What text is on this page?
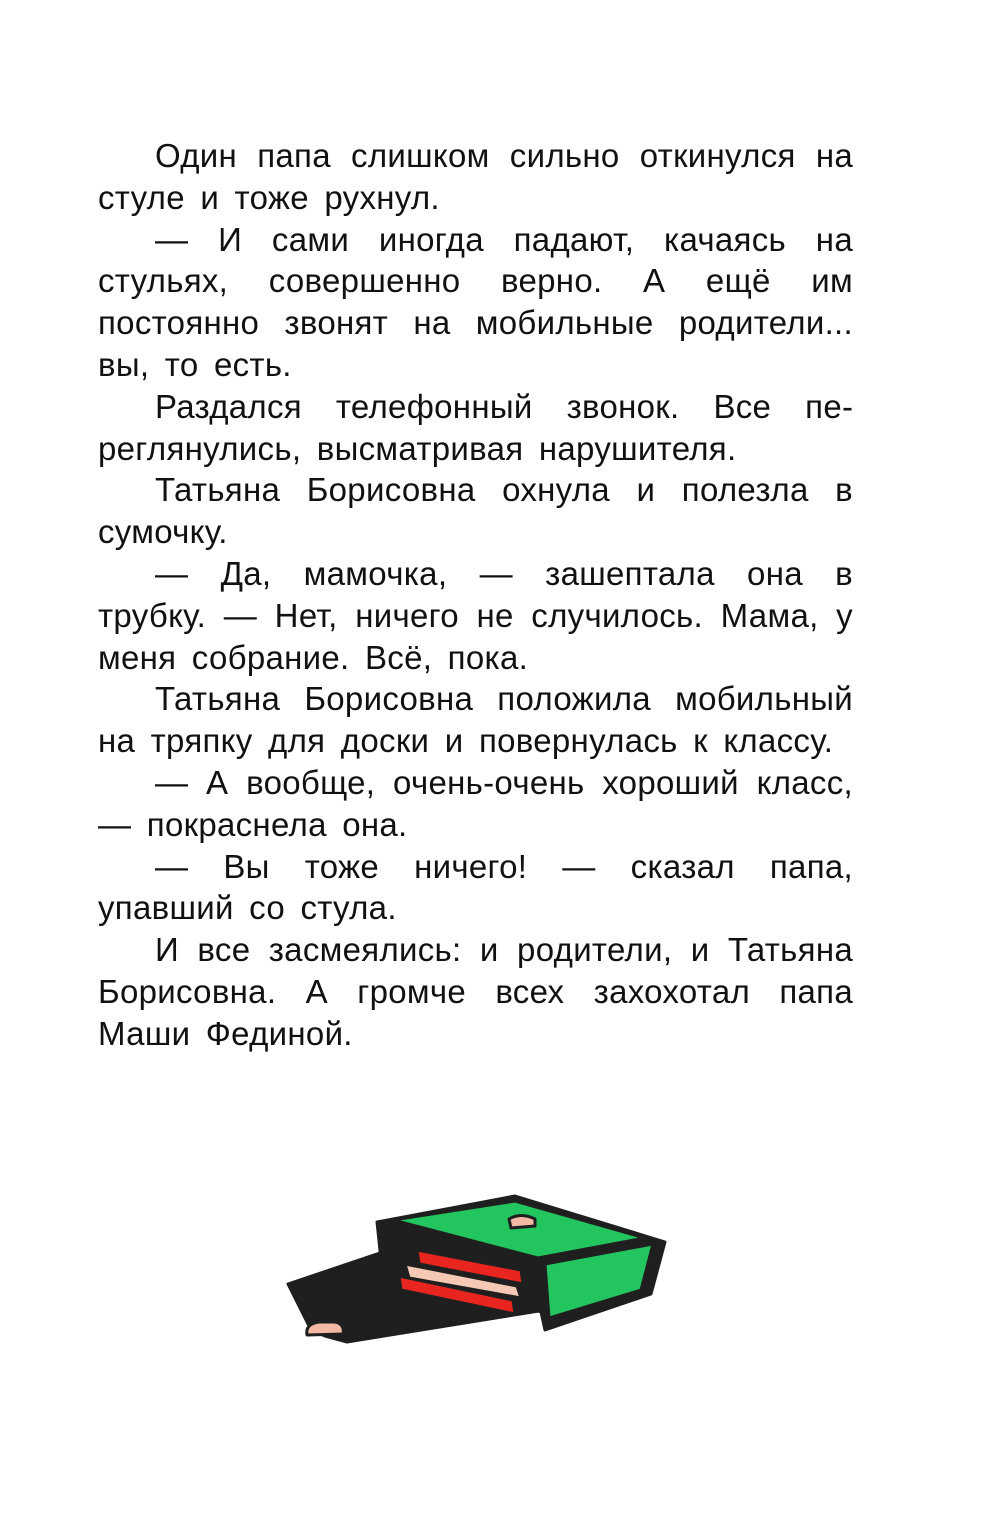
Один папа слишком сильно откинулся на стуле и тоже рухнул.

— И сами иногда падают, качаясь на стульях, совершенно верно. А ещё им постоянно звонят на мобильные родители... вы, то есть.

Раздался телефонный звонок. Все переглянулись, высматривая нарушителя.

Татьяна Борисовна охнула и полезла в сумочку.

— Да, мамочка, — зашептала она в трубку. — Нет, ничего не случилось. Мама, у меня собрание. Всё, пока.

Татьяна Борисовна положила мобильный на тряпку для доски и повернулась к классу.

— А вообще, очень-очень хороший класс, — покраснела она.

— Вы тоже ничего! — сказал папа, упавший со стула.

И все засмеялись: и родители, и Татьяна Борисовна. А громче всех захохотал папа Маши Фединой.
